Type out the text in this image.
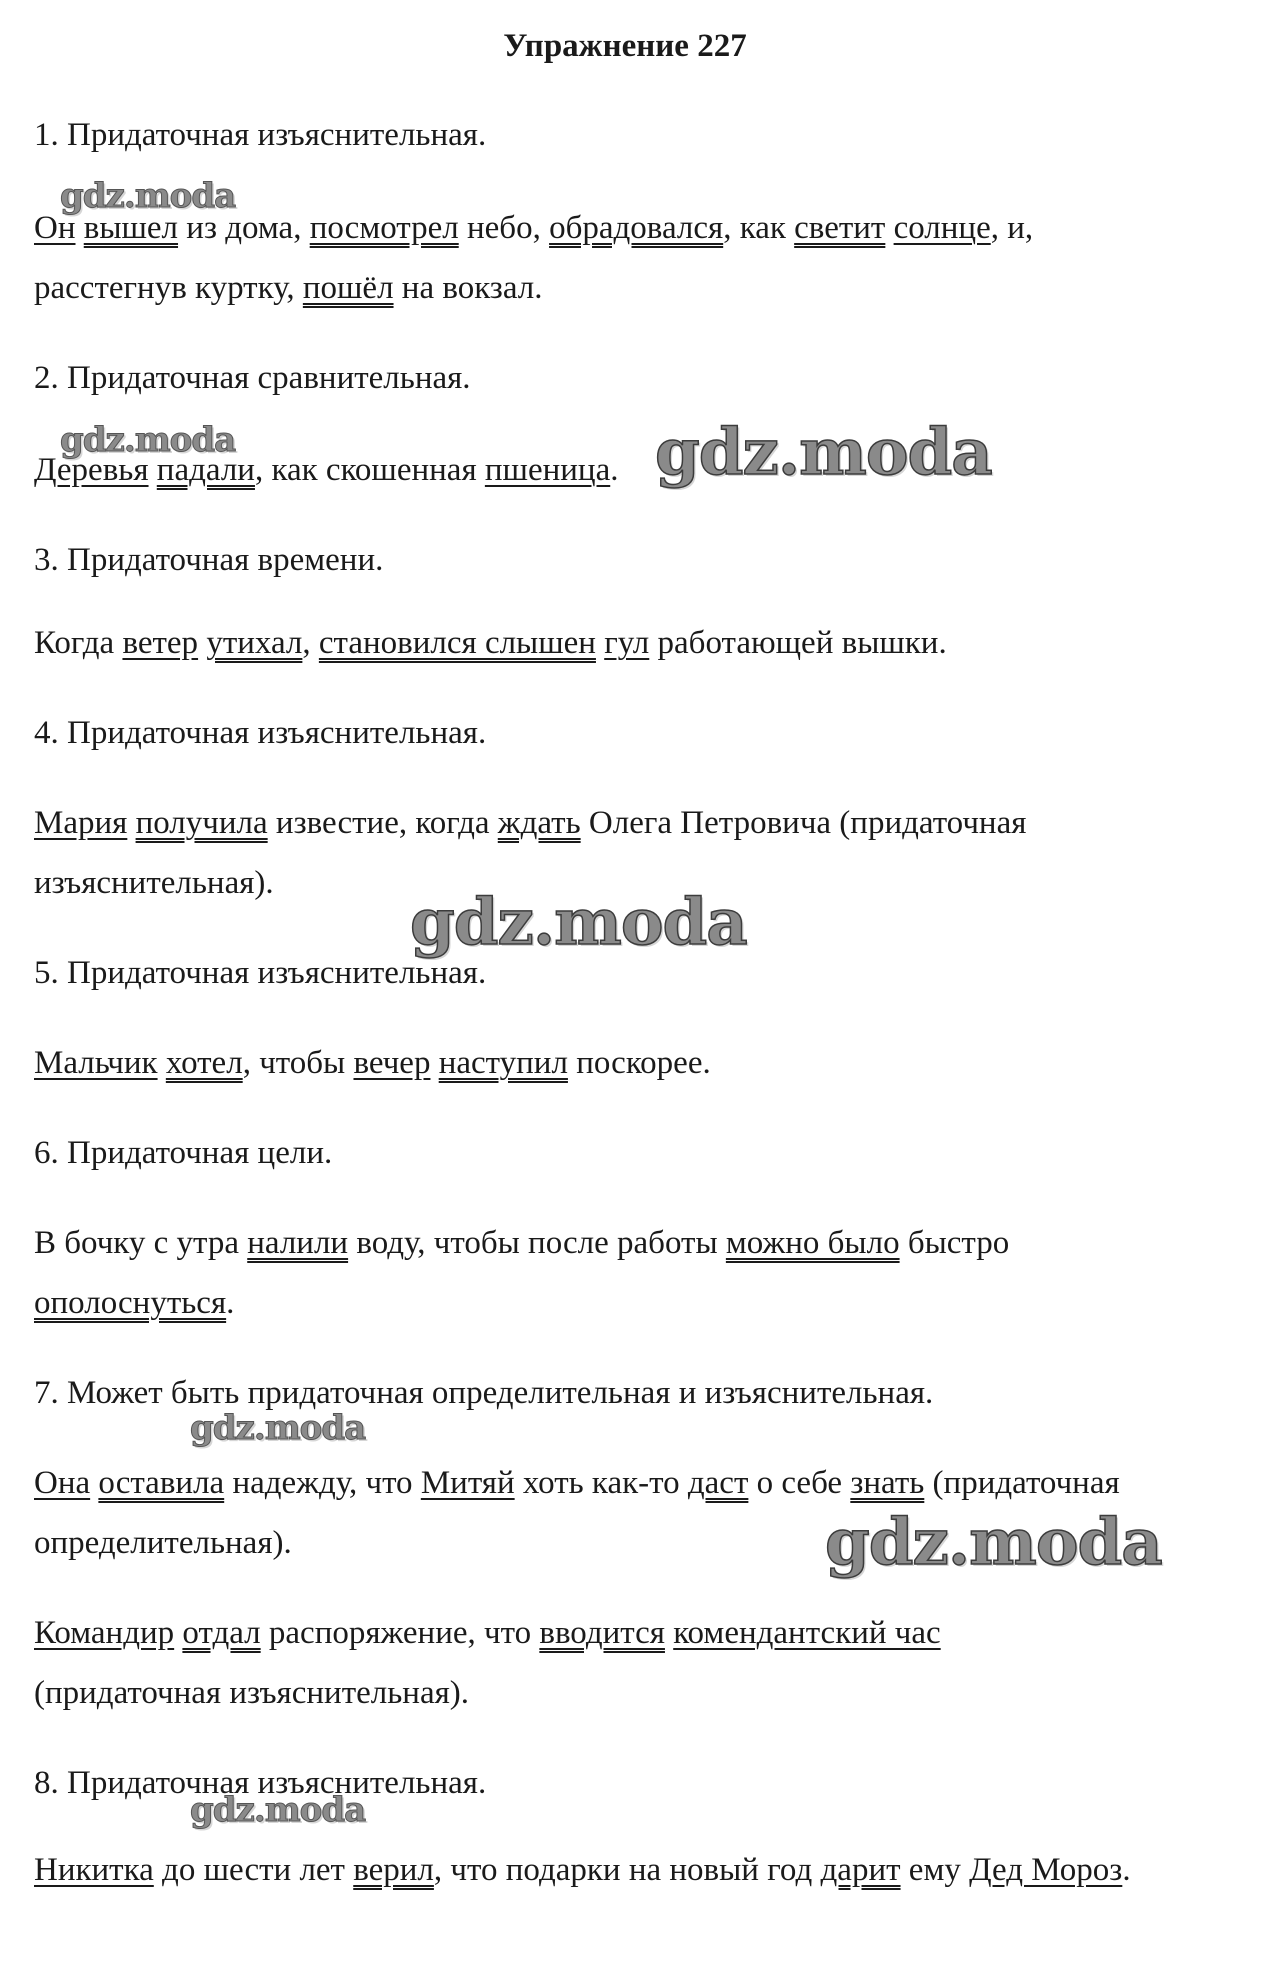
Упражнение 227
1. Придаточная изъяснительная.
Он вышел из дома, посмотрел небо, обрадовался, как светит солнце, и,
расстегнув куртку, пошёл на вокзал.
2. Придаточная сравнительная.
Деревья падали, как скошенная пшеница.
3. Придаточная времени.
Когда ветер утихал, становился слышен гул работающей вышки.
4. Придаточная изъяснительная.
Мария получила известие, когда ждать Олега Петровича (придаточная
изъяснительная).
5. Придаточная изъяснительная.
Мальчик хотел, чтобы вечер наступил поскорее.
6. Придаточная цели.
В бочку с утра налили воду, чтобы после работы можно было быстро
ополоснуться.
7. Может быть придаточная определительная и изъяснительная.
Она оставила надежду, что Митяй хоть как-то даст о себе знать (придаточная
определительная).
Командир отдал распоряжение, что вводится комендантский час
(придаточная изъяснительная).
8. Придаточная изъяснительная.
Никитка до шести лет верил, что подарки на новый год дарит ему Дед Мороз.
gdz.moda
gdz.moda	gdz.moda
gdz.moda
gdz.moda
gdz.moda
gdz.moda
